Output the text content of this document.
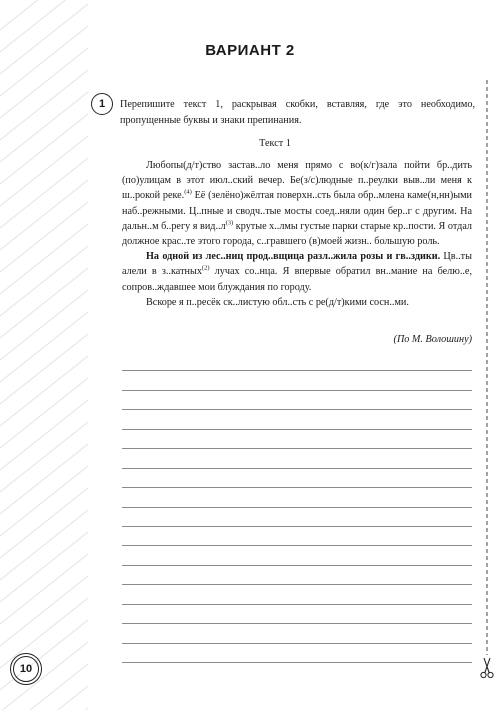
ВАРИАНТ 2
1	Перепишите текст 1, раскрывая скобки, вставляя, где это необходимо, пропущенные буквы и знаки препинания.
Текст 1

Любопы(д/т)ство застав..ло меня прямо с во(к/г)зала пойти бр..дить (по)улицам в этот июл..ский вечер. Бе(з/с)людные п..реулки выв..ли меня к ш..рокой реке.$^{(4)}$ Её (зелёно)жёлтая поверхн..сть была обр..млена каме(н,нн)ыми наб..режными. Ц..пные и сводч..тые мосты соед..няли один бер..г с другим. На дальн..м б..регу я $вид..л^{(3)}$ крутые х..лмы густые парки старые кр..пости. Я отдал должное крас..те этого города, с..гравшего (в)моей жизн.. большую роль.

На одной из лес..ниц прод..вщица разл..жила розы и гв..здики. Цв..ты алели в з..катных$^{(2)}$ лучах со..нца. Я впервые обратил вн..мание на белю..е, сопров..ждавшее мои блуждания по городу.

Вскоре я п..ресёк ск..листую обл..сть с ре(д/т)кими сосн..ми.

(По М. Волошину)
10
